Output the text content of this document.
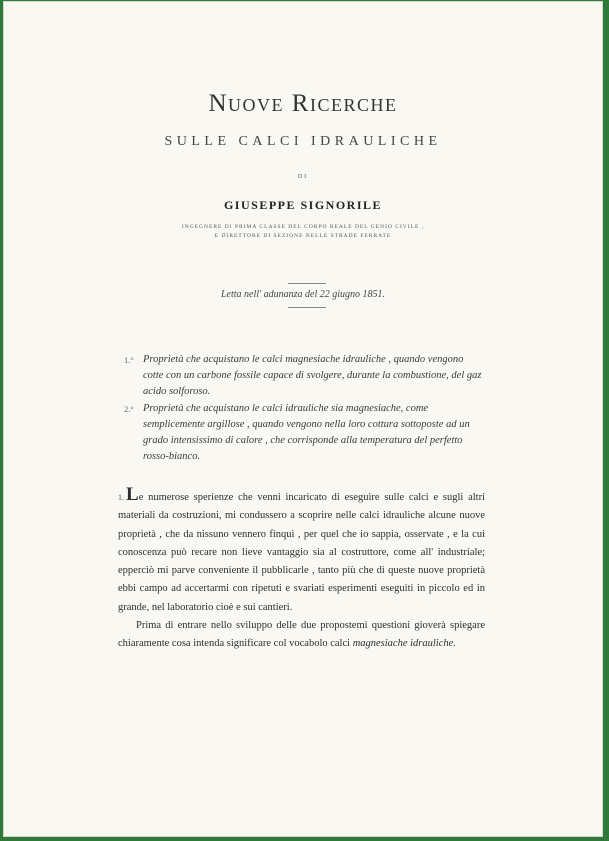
Nuove Ricerche
SULLE CALCI IDRAULICHE
DI
GIUSEPPE SIGNORILE
INGEGNERE DI PRIMA CLASSE DEL CORPO REALE DEL GENIO CIVILE ,
E DIRETTORE DI SEZIONE NELLE STRADE FERRATE
Letta nell' adunanza del 22 giugno 1851.

1.° Proprietà che acquistano le calci magnesiache idrauliche , quando vengono cotte con un carbone fossile capace di svolgere, durante la combustione, del gaz acido solforoso.

2.° Proprietà che acquistano le calci idrauliche sia magnesiache, come semplicemente argillose , quando vengono nella loro cottura sottoposte ad un grado intensissimo di calore , che corrisponde alla temperatura del perfetto rosso-bianco.

1. Le numerose sperienze che venni incaricato di eseguire sulle calci e sugli altri materiali da costruzioni, mi condussero a scoprire nelle calci idrauliche alcune nuove proprietà , che da nissuno vennero finquì , per quel che io sappia, osservate , e la cui conoscenza può recare non lieve vantaggio sia al costruttore, come all' industriale; epperciò mi parve conveniente il pubblicarle , tanto più che di queste nuove proprietà ebbi campo ad accertarmi con ripetuti e svariati esperimenti eseguiti in piccolo ed in grande, nel laboratorio cioè e sui cantieri.

Prima di entrare nello sviluppo delle due propostemi questioni gioverà spiegare chiaramente cosa intenda significare col vocabolo calci magnesiache idrauliche.
